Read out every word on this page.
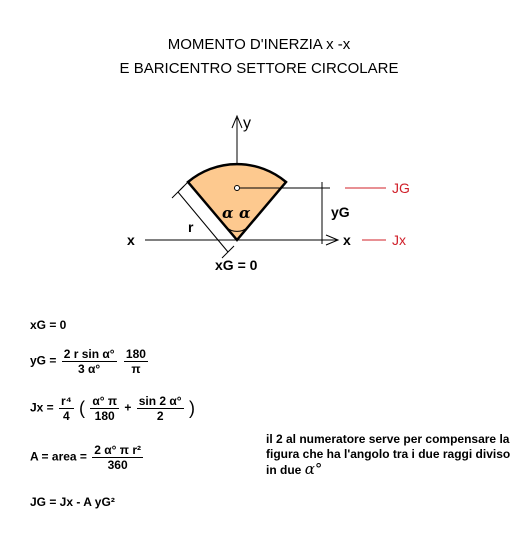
MOMENTO D'INERZIA x -x
E BARICENTRO SETTORE CIRCOLARE
y
x	x
r
α α	yG
xG = 0
JG
Jx
xG = 0
yG = $\frac{\text{2 r sin α°}}{3 \alpha^\circ}$
$\frac{180}{\pi}$
$Jx = \frac{\text{r⁴}}{4}$ ( $\frac{\alpha^\circ \pi}{180} + \frac{\sin 2 \alpha^\circ}{2}$ )
A = area = $\frac{\text{2 α° π r²}}{360}$
JG = Jx - A yG²
il 2 al numeratore serve per compensare la figura che ha l'angolo tra i due raggi diviso in due α°
